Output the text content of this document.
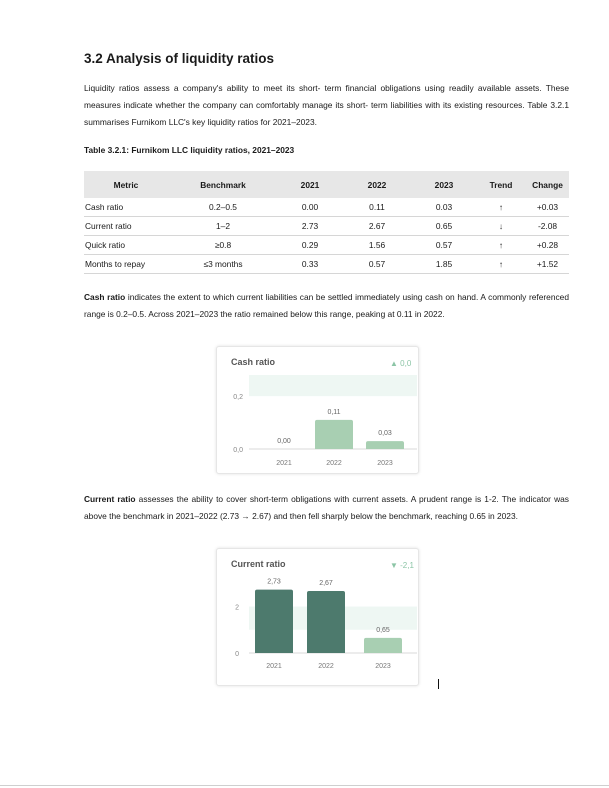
3.2 Analysis of liquidity ratios

Liquidity ratios assess a company's ability to meet its short- term financial obligations using readily available assets. These measures indicate whether the company can comfortably manage its short- term liabilities with its existing resources. Table 3.2.1 summarises Furnikom LLC's key liquidity ratios for 2021–2023.

Table 3.2.1: Furnikom LLC liquidity ratios, 2021–2023
Metric	Benchmark	2021	2022	2023	Trend	Change
Cash ratio	0.2–0.5	0.00	0.11	0.03	↑	+0.03
Current ratio	1–2	2.73	2.67	0.65	↓	-2.08
Quick ratio	≥0.8	0.29	1.56	0.57	↑	+0.28
Months to repay	≤3 months	0.33	0.57	1.85	↑	+1.52

Cash ratio indicates the extent to which current liabilities can be settled immediately using cash on hand. A commonly referenced range is 0.2–0.5. Across 2021–2023 the ratio remained below this range, peaking at 0.11 in 2022.

0,0
0,2
0,00
2021
0,11
2022
0,03
2023
Cash ratio	▲ 0,0

Current ratio assesses the ability to cover short-term obligations with current assets. A prudent range is 1-2. The indicator was above the benchmark in 2021–2022 (2.73 → 2.67) and then fell sharply below the benchmark, reaching 0.65 in 2023.

0
2
2,73
2021
2,67
2022
0,65
2023
Current ratio	▼ -2,1
